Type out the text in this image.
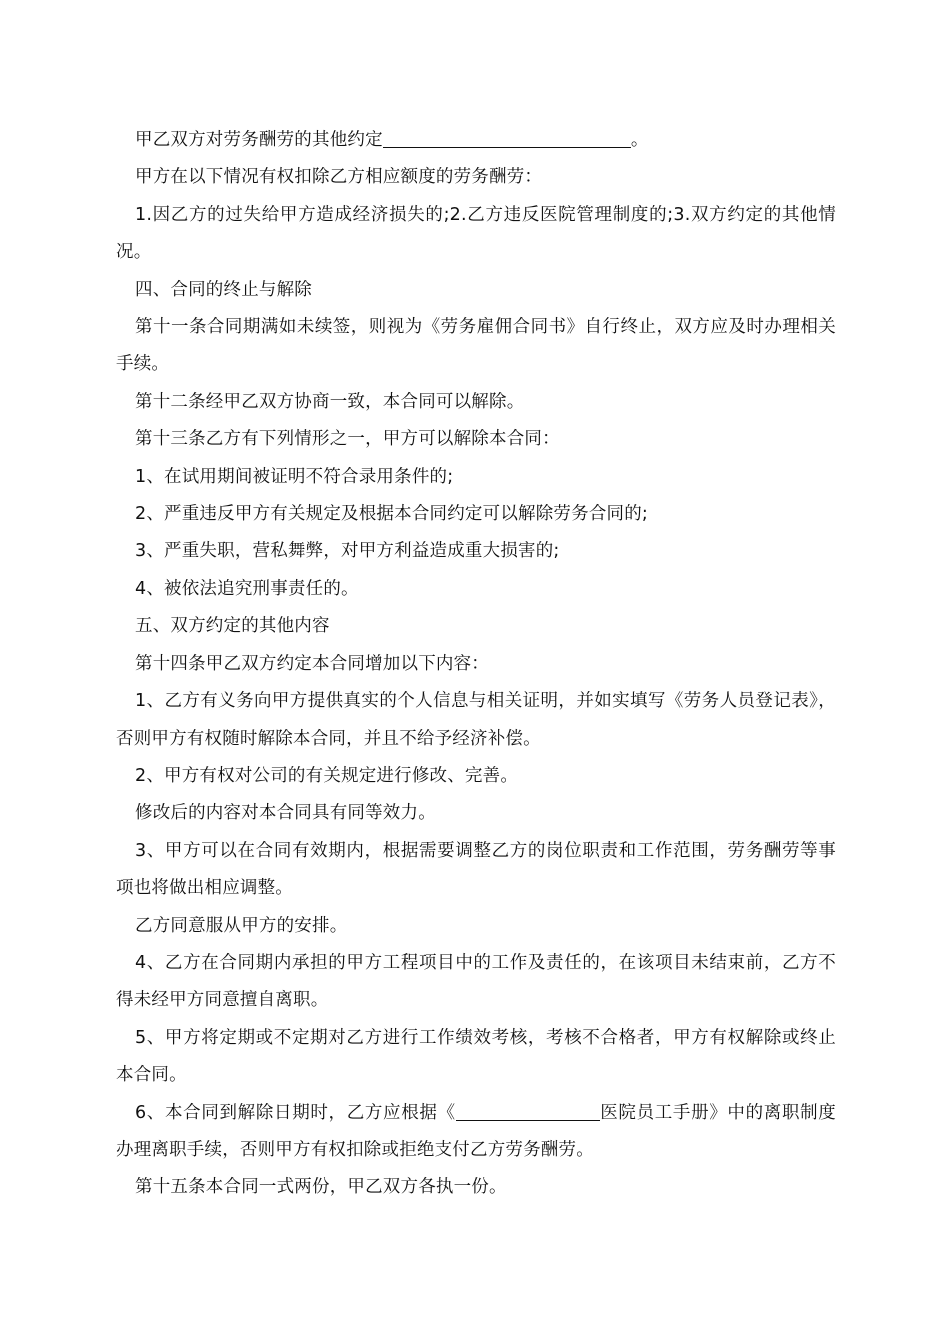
甲乙双方对劳务酬劳的其他约定	。

甲方在以下情况有权扣除乙方相应额度的劳务酬劳：

1.因乙方的过失给甲方造成经济损失的;2.乙方违反医院管理制度的;3.双方约定的其他情况。

四、合同的终止与解除

第十一条合同期满如未续签，则视为《劳务雇佣合同书》自行终止，双方应及时办理相关手续。

第十二条经甲乙双方协商一致，本合同可以解除。

第十三条乙方有下列情形之一，甲方可以解除本合同：

1、在试用期间被证明不符合录用条件的;

2、严重违反甲方有关规定及根据本合同约定可以解除劳务合同的;

3、严重失职，营私舞弊，对甲方利益造成重大损害的;

4、被依法追究刑事责任的。

五、双方约定的其他内容

第十四条甲乙双方约定本合同增加以下内容：

1、乙方有义务向甲方提供真实的个人信息与相关证明，并如实填写《劳务人员登记表》，否则甲方有权随时解除本合同，并且不给予经济补偿。

2、甲方有权对公司的有关规定进行修改、完善。

修改后的内容对本合同具有同等效力。

3、甲方可以在合同有效期内，根据需要调整乙方的岗位职责和工作范围，劳务酬劳等事项也将做出相应调整。

乙方同意服从甲方的安排。

4、乙方在合同期内承担的甲方工程项目中的工作及责任的，在该项目未结束前，乙方不得未经甲方同意擅自离职。

5、甲方将定期或不定期对乙方进行工作绩效考核，考核不合格者，甲方有权解除或终止本合同。

6、本合同到解除日期时，乙方应根据《	医院员工手册》中的离职制度办理离职手续，否则甲方有权扣除或拒绝支付乙方劳务酬劳。

第十五条本合同一式两份，甲乙双方各执一份。
